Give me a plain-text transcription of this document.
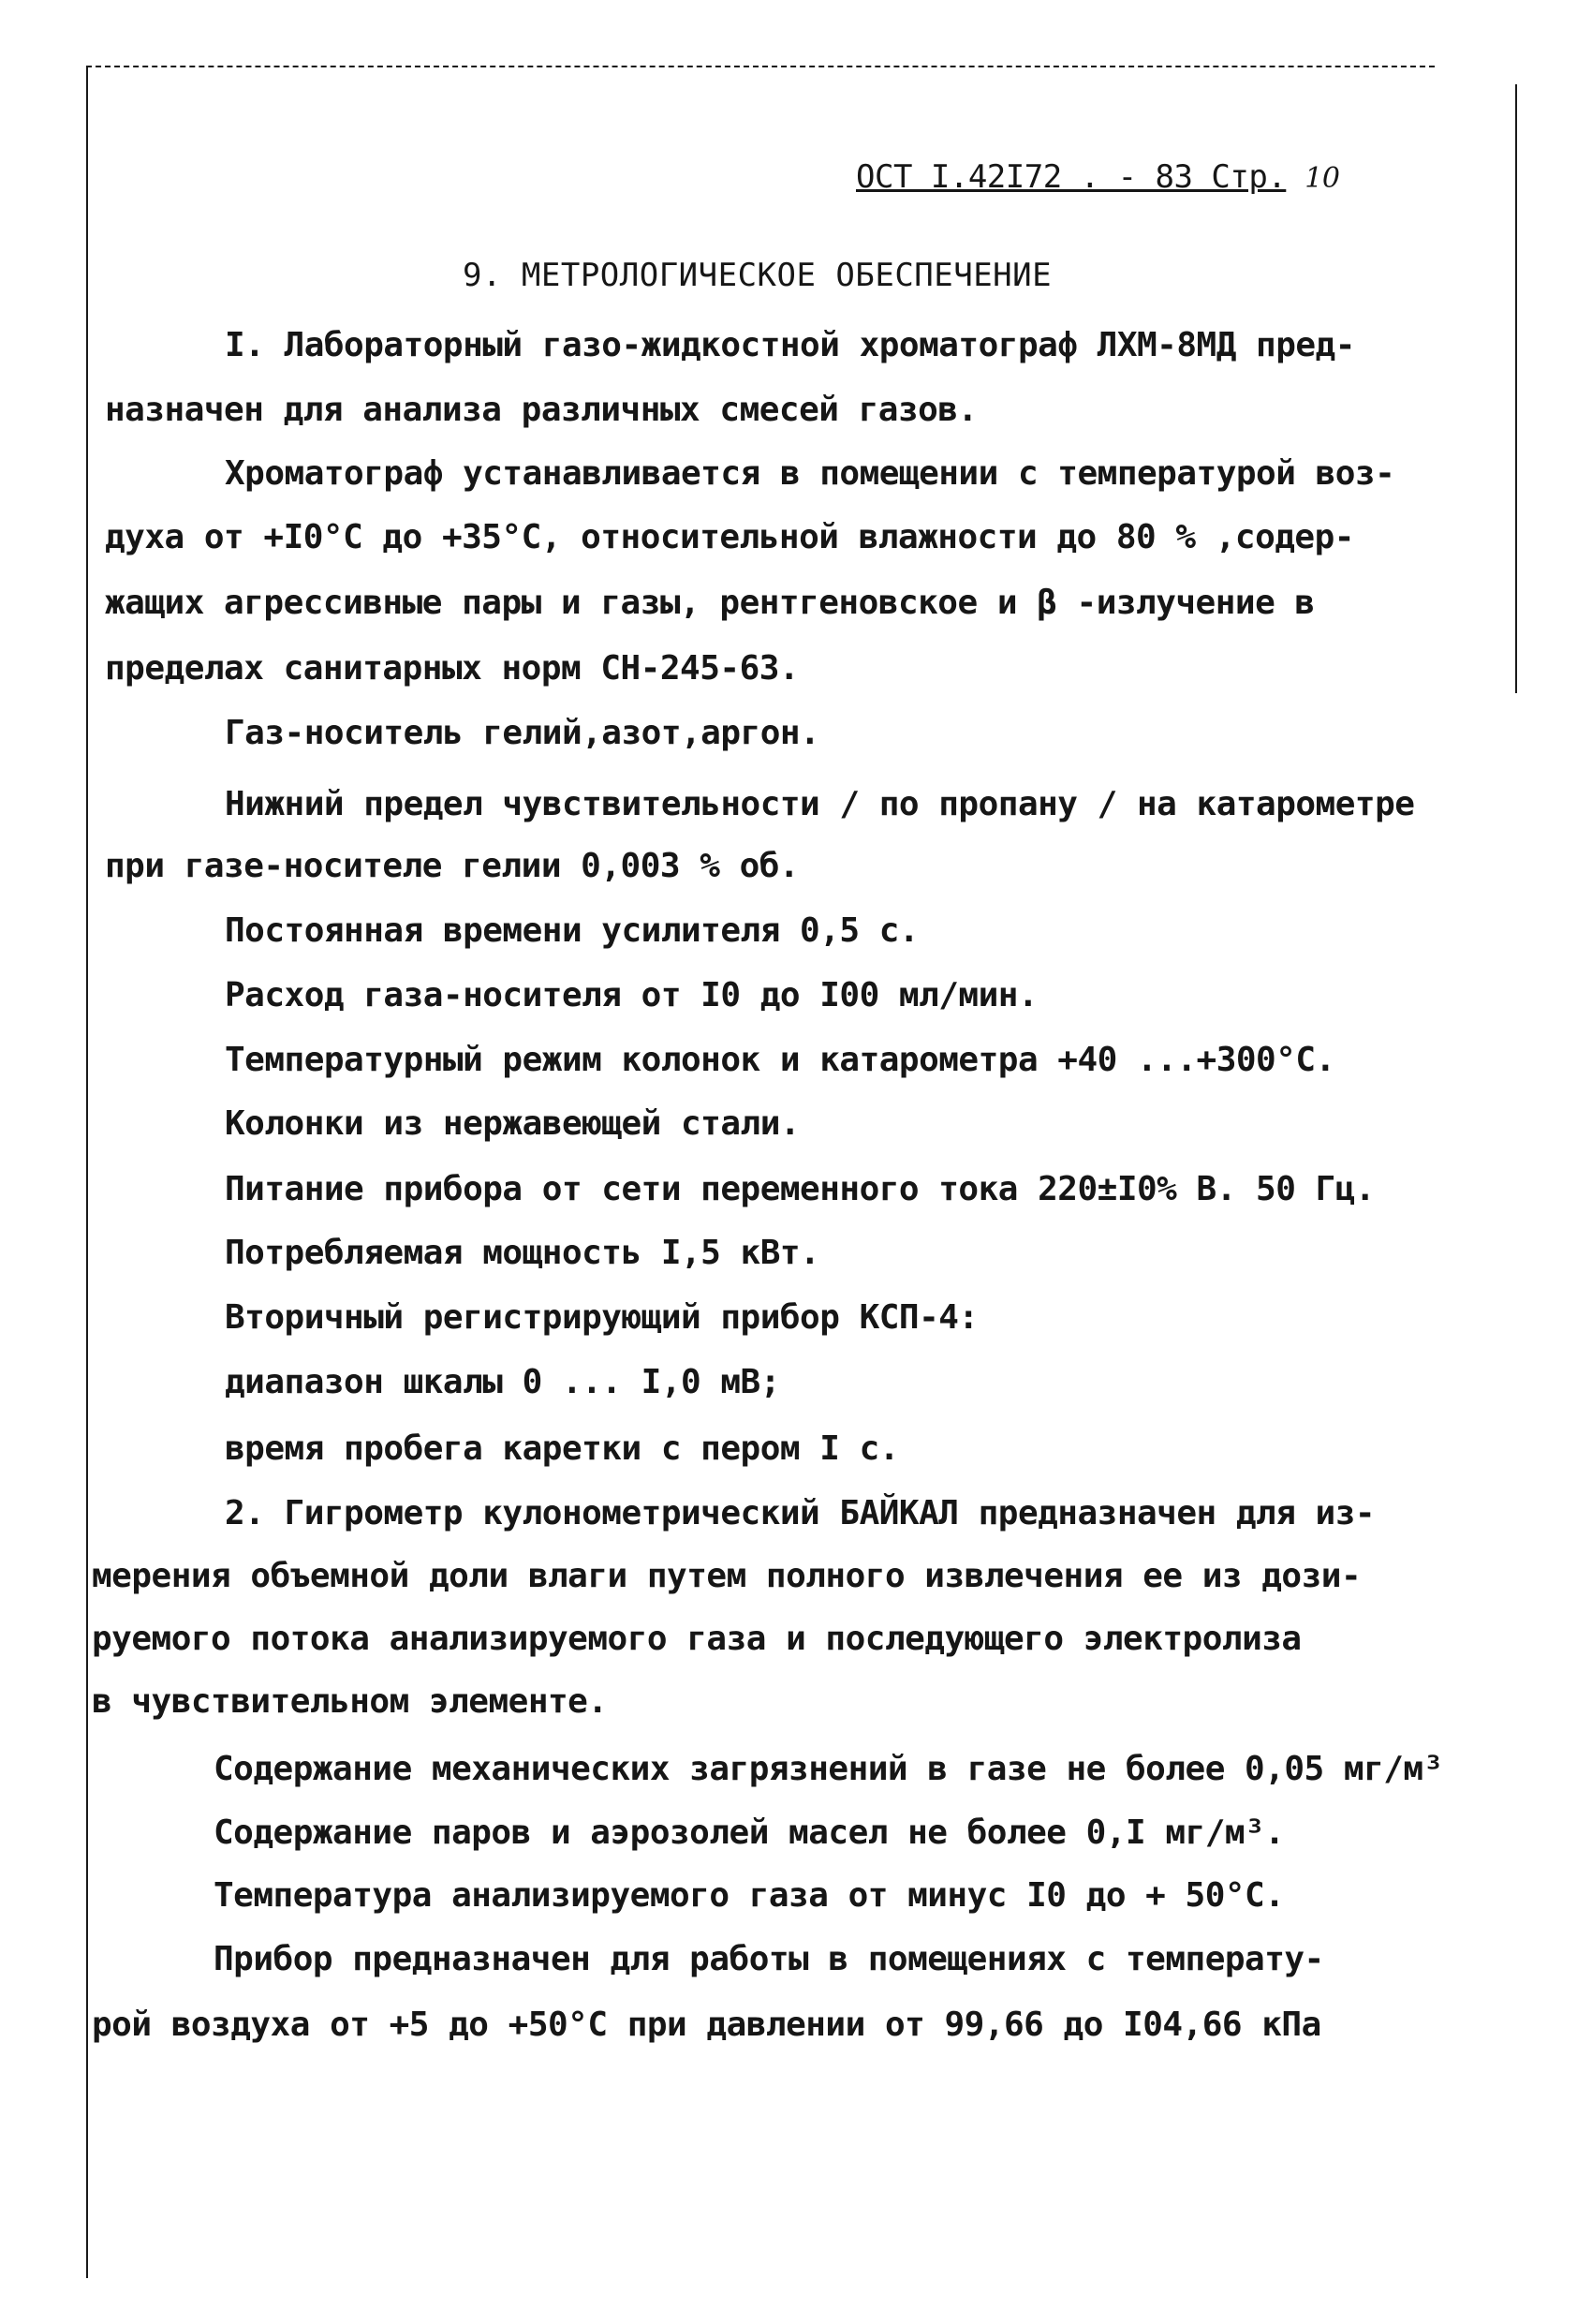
ОСТ І.42І72 . - 83 Стр. 10
9. МЕТРОЛОГИЧЕСКОЕ ОБЕСПЕЧЕНИЕ
І. Лабораторный газо-жидкостной хроматограф ЛХМ-8МД пред-
назначен для анализа различных смесей газов.
Хроматограф устанавливается в помещении с температурой воз-
духа от +І0°С до +35°С, относительной влажности до 80 % ,содер-
жащих агрессивные пары и газы, рентгеновское и β -излучение в
пределах санитарных норм СН-245-63.
Газ-носитель гелий,азот,аргон.
Нижний предел чувствительности / по пропану / на катарометре
при газе-носителе гелии 0,003 % об.
Постоянная времени усилителя 0,5 с.
Расход газа-носителя от І0 до І00 мл/мин.
Температурный режим колонок и катарометра +40 ...+300°С.
Колонки из нержавеющей стали.
Питание прибора от сети переменного тока 220±І0% В. 50 Гц.
Потребляемая мощность І,5 кВт.
Вторичный регистрирующий прибор КСП-4:
диапазон шкалы 0 ... І,0 мВ;
время пробега каретки с пером І с.
2. Гигрометр кулонометрический БАЙКАЛ предназначен для из-
мерения объемной доли влаги путем полного извлечения ее из дози-
руемого потока анализируемого газа и последующего электролиза
в чувствительном элементе.
Содержание механических загрязнений в газе не более 0,05 мг/м³
Содержание паров и аэрозолей масел не более 0,І мг/м³.
Температура анализируемого газа от минус І0 до + 50°С.
Прибор предназначен для работы в помещениях с температу-
рой воздуха от +5 до +50°С при давлении от 99,66 до І04,66 кПа
